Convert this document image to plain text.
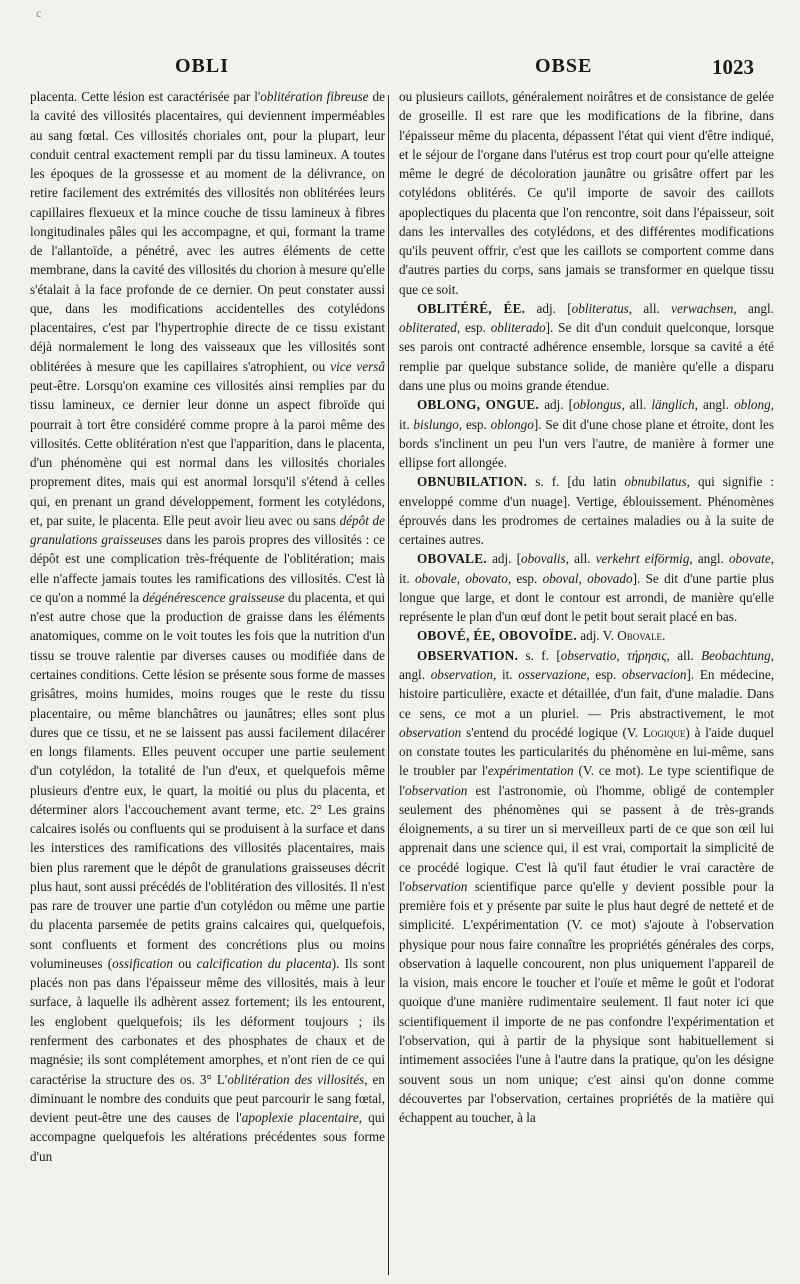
c
OBLI	OBSE	1023

placenta. Cette lésion est caractérisée par l'oblitération fibreuse de la cavité des villosités placentaires, qui deviennent imperméables au sang fœtal. Ces villosités choriales ont, pour la plupart, leur conduit central exactement rempli par du tissu lamineux. A toutes les époques de la grossesse et au moment de la délivrance, on retire facilement des extrémités des villosités non oblitérées leurs capillaires flexueux et la mince couche de tissu lamineux à fibres longitudinales pâles qui les accompagne, et qui, formant la trame de l'allantoïde, a pénétré, avec les autres éléments de cette membrane, dans la cavité des villosités du chorion à mesure qu'elle s'étalait à la face profonde de ce dernier. On peut constater aussi que, dans les modifications accidentelles des cotylédons placentaires, c'est par l'hypertrophie directe de ce tissu existant déjà normalement le long des vaisseaux que les villosités sont oblitérées à mesure que les capillaires s'atrophient, ou vice versâ peut-être. Lorsqu'on examine ces villosités ainsi remplies par du tissu lamineux, ce dernier leur donne un aspect fibroïde qui pourrait à tort être considéré comme propre à la paroi même des villosités. Cette oblitération n'est que l'apparition, dans le placenta, d'un phénomène qui est normal dans les villosités choriales proprement dites, mais qui est anormal lorsqu'il s'étend à celles qui, en prenant un grand développement, forment les cotylédons, et, par suite, le placenta. Elle peut avoir lieu avec ou sans dépôt de granulations graisseuses dans les parois propres des villosités : ce dépôt est une complication très-fréquente de l'oblitération; mais elle n'affecte jamais toutes les ramifications des villosités. C'est là ce qu'on a nommé la dégénérescence graisseuse du placenta, et qui n'est autre chose que la production de graisse dans les éléments anatomiques, comme on le voit toutes les fois que la nutrition d'un tissu se trouve ralentie par diverses causes ou modifiée dans de certaines conditions. Cette lésion se présente sous forme de masses grisâtres, moins humides, moins rouges que le reste du tissu placentaire, ou même blanchâtres ou jaunâtres; elles sont plus dures que ce tissu, et ne se laissent pas aussi facilement dilacérer en longs filaments. Elles peuvent occuper une partie seulement d'un cotylédon, la totalité de l'un d'eux, et quelquefois même plusieurs d'entre eux, le quart, la moitié ou plus du placenta, et déterminer alors l'accouchement avant terme, etc. 2° Les grains calcaires isolés ou confluents qui se produisent à la surface et dans les interstices des ramifications des villosités placentaires, mais bien plus rarement que le dépôt de granulations graisseuses décrit plus haut, sont aussi précédés de l'oblitération des villosités. Il n'est pas rare de trouver une partie d'un cotylédon ou même une partie du placenta parsemée de petits grains calcaires qui, quelquefois, sont confluents et forment des concrétions plus ou moins volumineuses (ossification ou calcification du placenta). Ils sont placés non pas dans l'épaisseur même des villosités, mais à leur surface, à laquelle ils adhèrent assez fortement; ils les entourent, les englobent quelquefois; ils les déforment toujours ; ils renferment des carbonates et des phosphates de chaux et de magnésie; ils sont complétement amorphes, et n'ont rien de ce qui caractérise la structure des os. 3° L'oblitération des villosités, en diminuant le nombre des conduits que peut parcourir le sang fœtal, devient peut-être une des causes de l'apoplexie placentaire, qui accompagne quelquefois les altérations précédentes sous forme d'un

ou plusieurs caillots, généralement noirâtres et de consistance de gelée de groseille. Il est rare que les modifications de la fibrine, dans l'épaisseur même du placenta, dépassent l'état qui vient d'être indiqué, et le séjour de l'organe dans l'utérus est trop court pour qu'elle atteigne même le degré de décoloration jaunâtre ou grisâtre offert par les cotylédons oblitérés. Ce qu'il importe de savoir des caillots apoplectiques du placenta que l'on rencontre, soit dans l'épaisseur, soit dans les intervalles des cotylédons, et des différentes modifications qu'ils peuvent offrir, c'est que les caillots se comportent comme dans d'autres parties du corps, sans jamais se transformer en quelque tissu que ce soit.

OBLITÉRÉ, ÉE. adj. [obliteratus, all. verwachsen, angl. obliterated, esp. obliterado]. Se dit d'un conduit quelconque, lorsque ses parois ont contracté adhérence ensemble, lorsque sa cavité a été remplie par quelque substance solide, de manière qu'elle a disparu dans une plus ou moins grande étendue.

OBLONG, ONGUE. adj. [oblongus, all. länglich, angl. oblong, it. bislungo, esp. oblongo]. Se dit d'une chose plane et étroite, dont les bords s'inclinent un peu l'un vers l'autre, de manière à former une ellipse fort allongée.

OBNUBILATION. s. f. [du latin obnubilatus, qui signifie : enveloppé comme d'un nuage]. Vertige, éblouissement. Phénomènes éprouvés dans les prodromes de certaines maladies ou à la suite de certaines autres.

OBOVALE. adj. [obovalis, all. verkehrt eiförmig, angl. obovate, it. obovale, obovato, esp. oboval, obovado]. Se dit d'une partie plus longue que large, et dont le contour est arrondi, de manière qu'elle représente le plan d'un œuf dont le petit bout serait placé en bas.

OBOVÉ, ÉE, OBOVOÏDE. adj. V. Obovale.

OBSERVATION. s. f. [observatio, τήρησις, all. Beobachtung, angl. observation, it. osservazione, esp. observacion]. En médecine, histoire particulière, exacte et détaillée, d'un fait, d'une maladie. Dans ce sens, ce mot a un pluriel. — Pris abstractivement, le mot observation s'entend du procédé logique (V. Logique) à l'aide duquel on constate toutes les particularités du phénomène en lui-même, sans le troubler par l'expérimentation (V. ce mot). Le type scientifique de l'observation est l'astronomie, où l'homme, obligé de contempler seulement des phénomènes qui se passent à de très-grands éloignements, a su tirer un si merveilleux parti de ce que son œil lui apprenait dans une science qui, il est vrai, comportait la simplicité de ce procédé logique. C'est là qu'il faut étudier le vrai caractère de l'observation scientifique parce qu'elle y devient possible pour la première fois et y présente par suite le plus haut degré de netteté et de simplicité. L'expérimentation (V. ce mot) s'ajoute à l'observation physique pour nous faire connaître les propriétés générales des corps, observation à laquelle concourent, non plus uniquement l'appareil de la vision, mais encore le toucher et l'ouïe et même le goût et l'odorat quoique d'une manière rudimentaire seulement. Il faut noter ici que scientifiquement il importe de ne pas confondre l'expérimentation et l'observation, qui à partir de la physique sont habituellement si intimement associées l'une à l'autre dans la pratique, qu'on les désigne souvent sous un nom unique; c'est ainsi qu'on donne comme découvertes par l'observation, certaines propriétés de la matière qui échappent au toucher, à la
